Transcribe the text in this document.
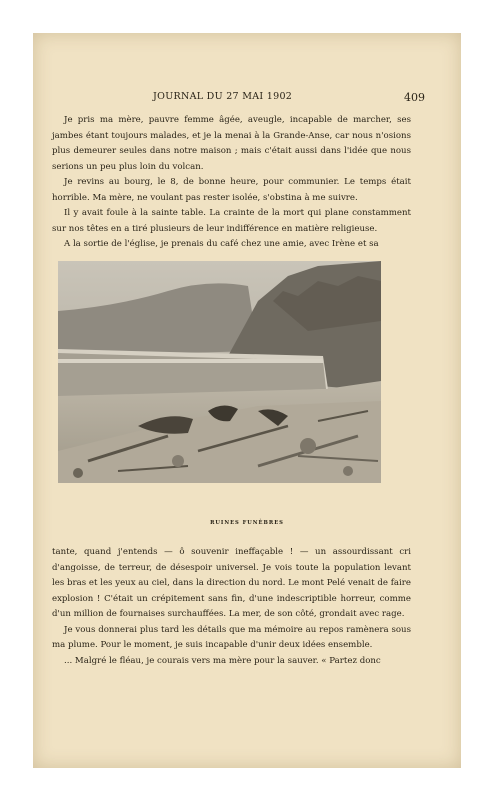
JOURNAL DU 27 MAI 1902	409

Je pris ma mère, pauvre femme âgée, aveugle, incapable de marcher, ses jambes étant toujours malades, et je la menai à la Grande-Anse, car nous n'osions plus demeurer seules dans notre maison ; mais c'était aussi dans l'idée que nous serions un peu plus loin du volcan.

Je revins au bourg, le 8, de bonne heure, pour communier. Le temps était horrible. Ma mère, ne voulant pas rester isolée, s'obstina à me suivre.

Il y avait foule à la sainte table. La crainte de la mort qui plane constamment sur nos têtes en a tiré plusieurs de leur indifférence en matière religieuse.

A la sortie de l'église, je prenais du café chez une amie, avec Irène et sa

RUINES FUNÈBRES

tante, quand j'entends — ô souvenir ineffaçable ! — un assourdissant cri d'angoisse, de terreur, de désespoir universel. Je vois toute la population levant les bras et les yeux au ciel, dans la direction du nord. Le mont Pelé venait de faire explosion ! C'était un crépitement sans fin, d'une indescriptible horreur, comme d'un million de fournaises surchauffées. La mer, de son côté, grondait avec rage.

Je vous donnerai plus tard les détails que ma mémoire au repos ramènera sous ma plume. Pour le moment, je suis incapable d'unir deux idées ensemble.

... Malgré le fléau, je courais vers ma mère pour la sauver. « Partez donc
